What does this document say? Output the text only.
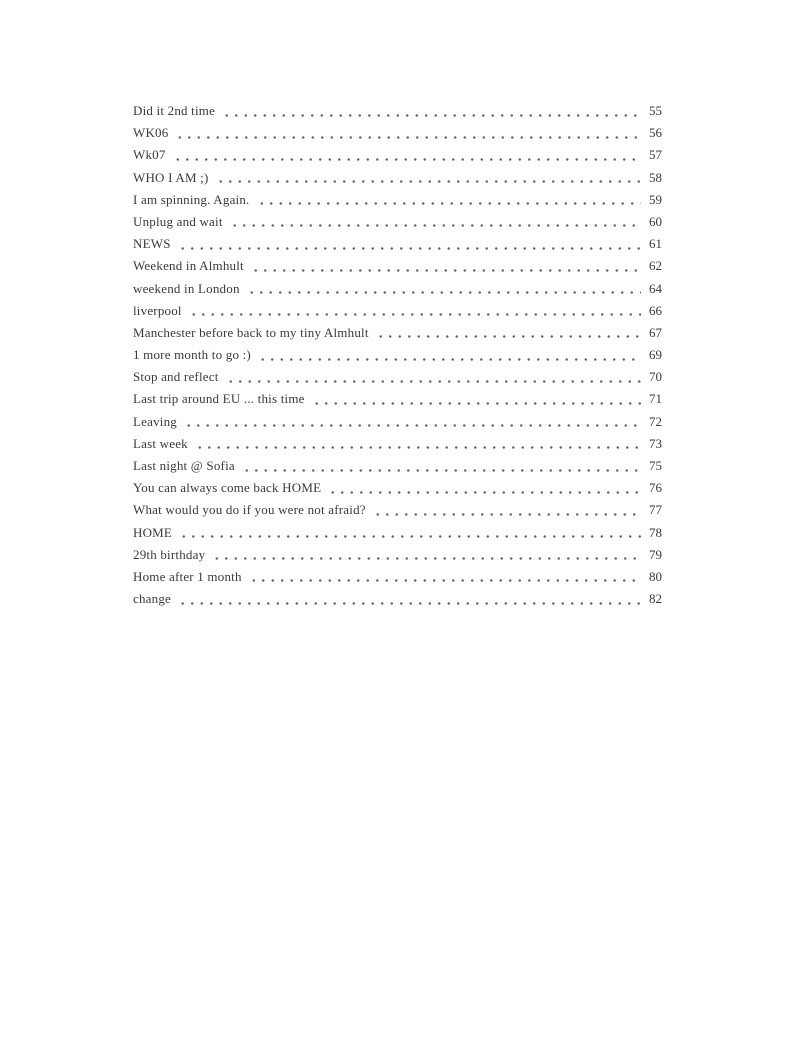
Did it 2nd time	55
WK06	56
Wk07	57
WHO I AM ;)	58
I am spinning. Again.	59
Unplug and wait	60
NEWS	61
Weekend in Almhult	62
weekend in London	64
liverpool	66
Manchester before back to my tiny Almhult	67
1 more month to go :)	69
Stop and reflect	70
Last trip around EU ... this time	71
Leaving	72
Last week	73
Last night @ Sofia	75
You can always come back HOME	76
What would you do if you were not afraid?	77
HOME	78
29th birthday	79
Home after 1 month	80
change	82
